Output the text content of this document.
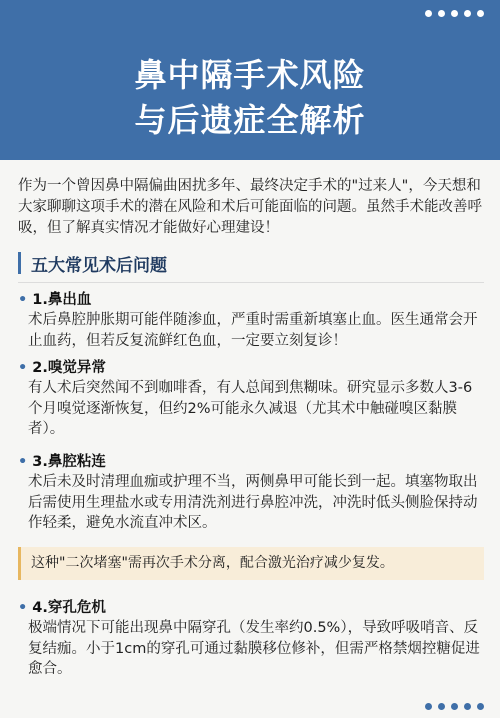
鼻中隔手术风险
与后遗症全解析
作为一个曾因鼻中隔偏曲困扰多年、最终决定手术的"过来人"，今天想和大家聊聊这项手术的潜在风险和术后可能面临的问题。虽然手术能改善呼吸，但了解真实情况才能做好心理建设！
五大常见术后问题
• 1.鼻出血
术后鼻腔肿胀期可能伴随渗血，严重时需重新填塞止血。医生通常会开止血药，但若反复流鲜红色血，一定要立刻复诊！
• 2.嗅觉异常
有人术后突然闻不到咖啡香，有人总闻到焦糊味。研究显示多数人3-6个月嗅觉逐渐恢复，但约2%可能永久减退（尤其术中触碰嗅区黏膜者）。
• 3.鼻腔粘连
术后未及时清理血痂或护理不当，两侧鼻甲可能长到一起。填塞物取出后需使用生理盐水或专用清洗剂进行鼻腔冲洗，冲洗时低头侧脸保持动作轻柔，避免水流直冲术区。
这种"二次堵塞"需再次手术分离，配合激光治疗减少复发。
• 4.穿孔危机
极端情况下可能出现鼻中隔穿孔（发生率约0.5%），导致呼吸哨音、反复结痂。小于1cm的穿孔可通过黏膜移位修补，但需严格禁烟控糖促进愈合。
